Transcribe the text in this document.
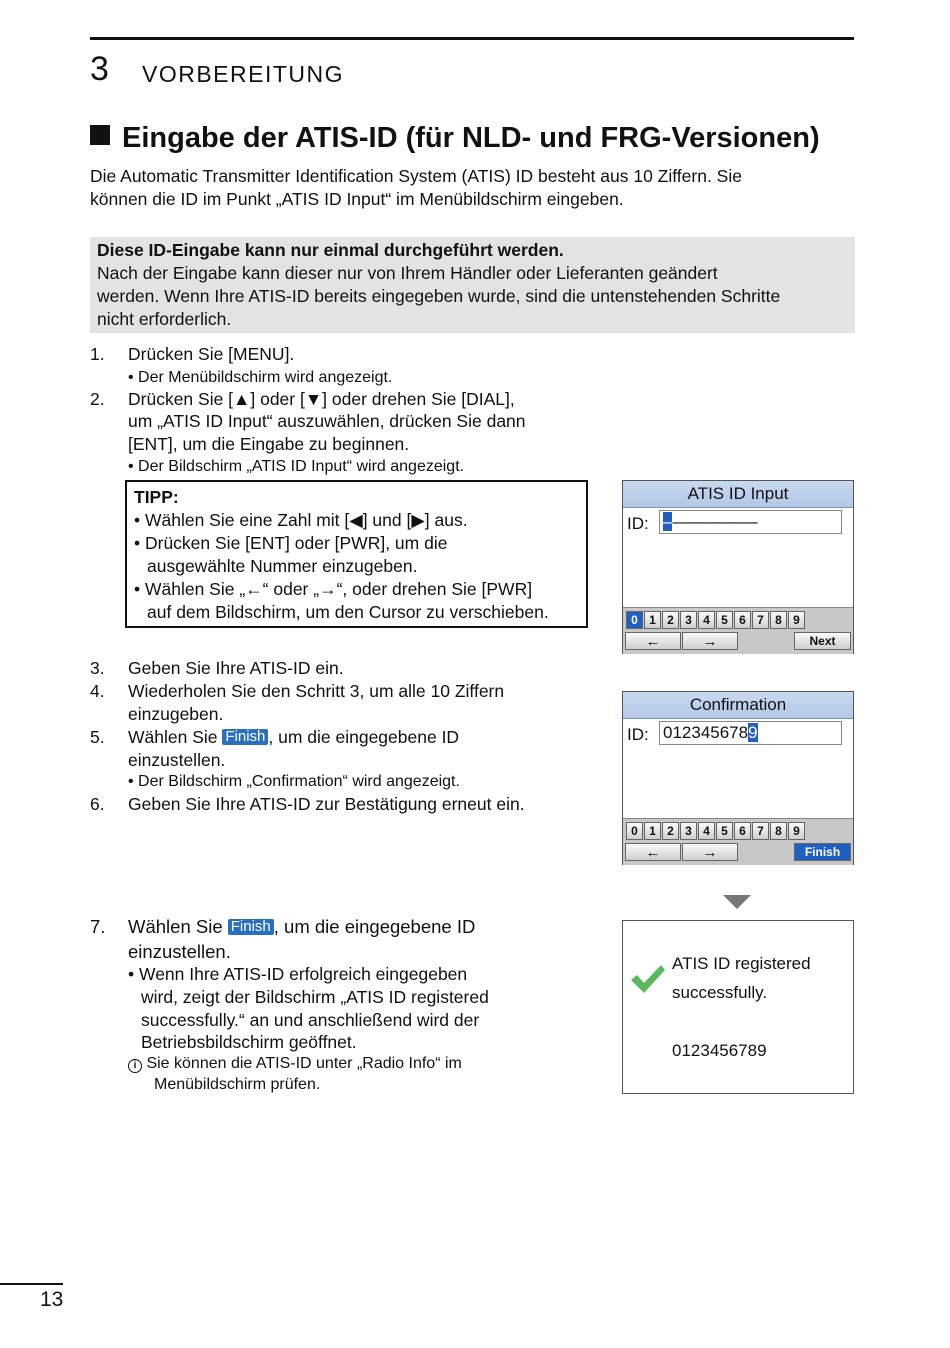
3 VORBEREITUNG
Eingabe der ATIS-ID (für NLD- und FRG-Versionen)
Die Automatic Transmitter Identification System (ATIS) ID besteht aus 10 Ziffern. Sie
können die ID im Punkt „ATIS ID Input“ im Menübildschirm eingeben.
Diese ID-Eingabe kann nur einmal durchgeführt werden.
Nach der Eingabe kann dieser nur von Ihrem Händler oder Lieferanten geändert
werden. Wenn Ihre ATIS-ID bereits eingegeben wurde, sind die untenstehenden Schritte
nicht erforderlich.
1. Drücken Sie [MENU].
• Der Menübildschirm wird angezeigt.
2. Drücken Sie [▲] oder [▼] oder drehen Sie [DIAL],
um „ATIS ID Input“ auszuwählen, drücken Sie dann
[ENT], um die Eingabe zu beginnen.
• Der Bildschirm „ATIS ID Input“ wird angezeigt.
TIPP:
• Wählen Sie eine Zahl mit [◀] und [▶] aus.
• Drücken Sie [ENT] oder [PWR], um die
ausgewählte Nummer einzugeben.
• Wählen Sie „←“ oder „→“, oder drehen Sie [PWR]
auf dem Bildschirm, um den Cursor zu verschieben.
ATIS ID Input
ID: ––––––––––
0 1 2 3 4 5 6 7 8 9
←	→	Next
3. Geben Sie Ihre ATIS-ID ein.
4. Wiederholen Sie den Schritt 3, um alle 10 Ziffern
einzugeben.
5. Wählen Sie Finish , um die eingegebene ID
einzustellen.
• Der Bildschirm „Confirmation“ wird angezeigt.
6. Geben Sie Ihre ATIS-ID zur Bestätigung erneut ein.
Confirmation
ID: 0123456789
0 1 2 3 4 5 6 7 8 9
←	→	Finish
7. Wählen Sie Finish , um die eingegebene ID
einzustellen.
• Wenn Ihre ATIS-ID erfolgreich eingegeben
wird, zeigt der Bildschirm „ATIS ID registered
successfully.“ an und anschließend wird der
Betriebsbildschirm geöffnet.
i Sie können die ATIS-ID unter „Radio Info“ im
Menübildschirm prüfen.
ATIS ID registered
successfully.
0123456789
13
